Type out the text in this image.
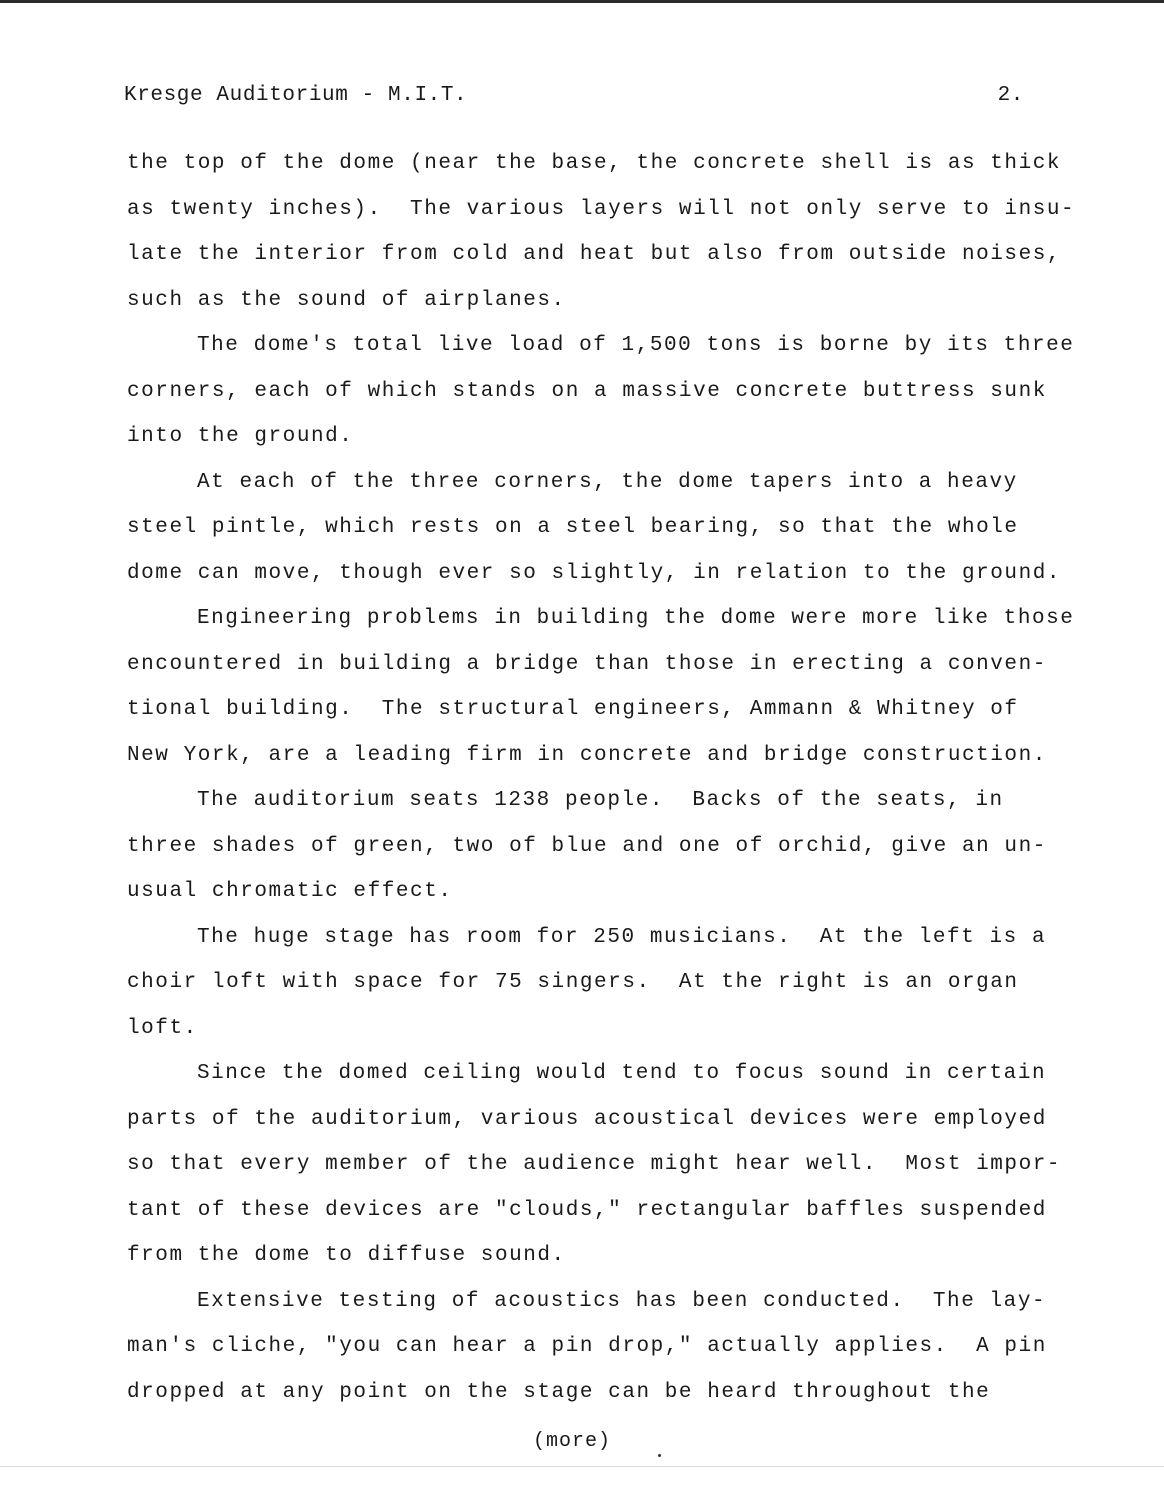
Kresge Auditorium - M.I.T.	2.
the top of the dome (near the base, the concrete shell is as thick
as twenty inches).  The various layers will not only serve to insu-
late the interior from cold and heat but also from outside noises,
such as the sound of airplanes.
The dome's total live load of 1,500 tons is borne by its three
corners, each of which stands on a massive concrete buttress sunk
into the ground.
At each of the three corners, the dome tapers into a heavy
steel pintle, which rests on a steel bearing, so that the whole
dome can move, though ever so slightly, in relation to the ground.
Engineering problems in building the dome were more like those
encountered in building a bridge than those in erecting a conven-
tional building.  The structural engineers, Ammann & Whitney of
New York, are a leading firm in concrete and bridge construction.
The auditorium seats 1238 people.  Backs of the seats, in
three shades of green, two of blue and one of orchid, give an un-
usual chromatic effect.
The huge stage has room for 250 musicians.  At the left is a
choir loft with space for 75 singers.  At the right is an organ
loft.
Since the domed ceiling would tend to focus sound in certain
parts of the auditorium, various acoustical devices were employed
so that every member of the audience might hear well.  Most impor-
tant of these devices are "clouds," rectangular baffles suspended
from the dome to diffuse sound.
Extensive testing of acoustics has been conducted.  The lay-
man's cliche, "you can hear a pin drop," actually applies.  A pin
dropped at any point on the stage can be heard throughout the
(more)
